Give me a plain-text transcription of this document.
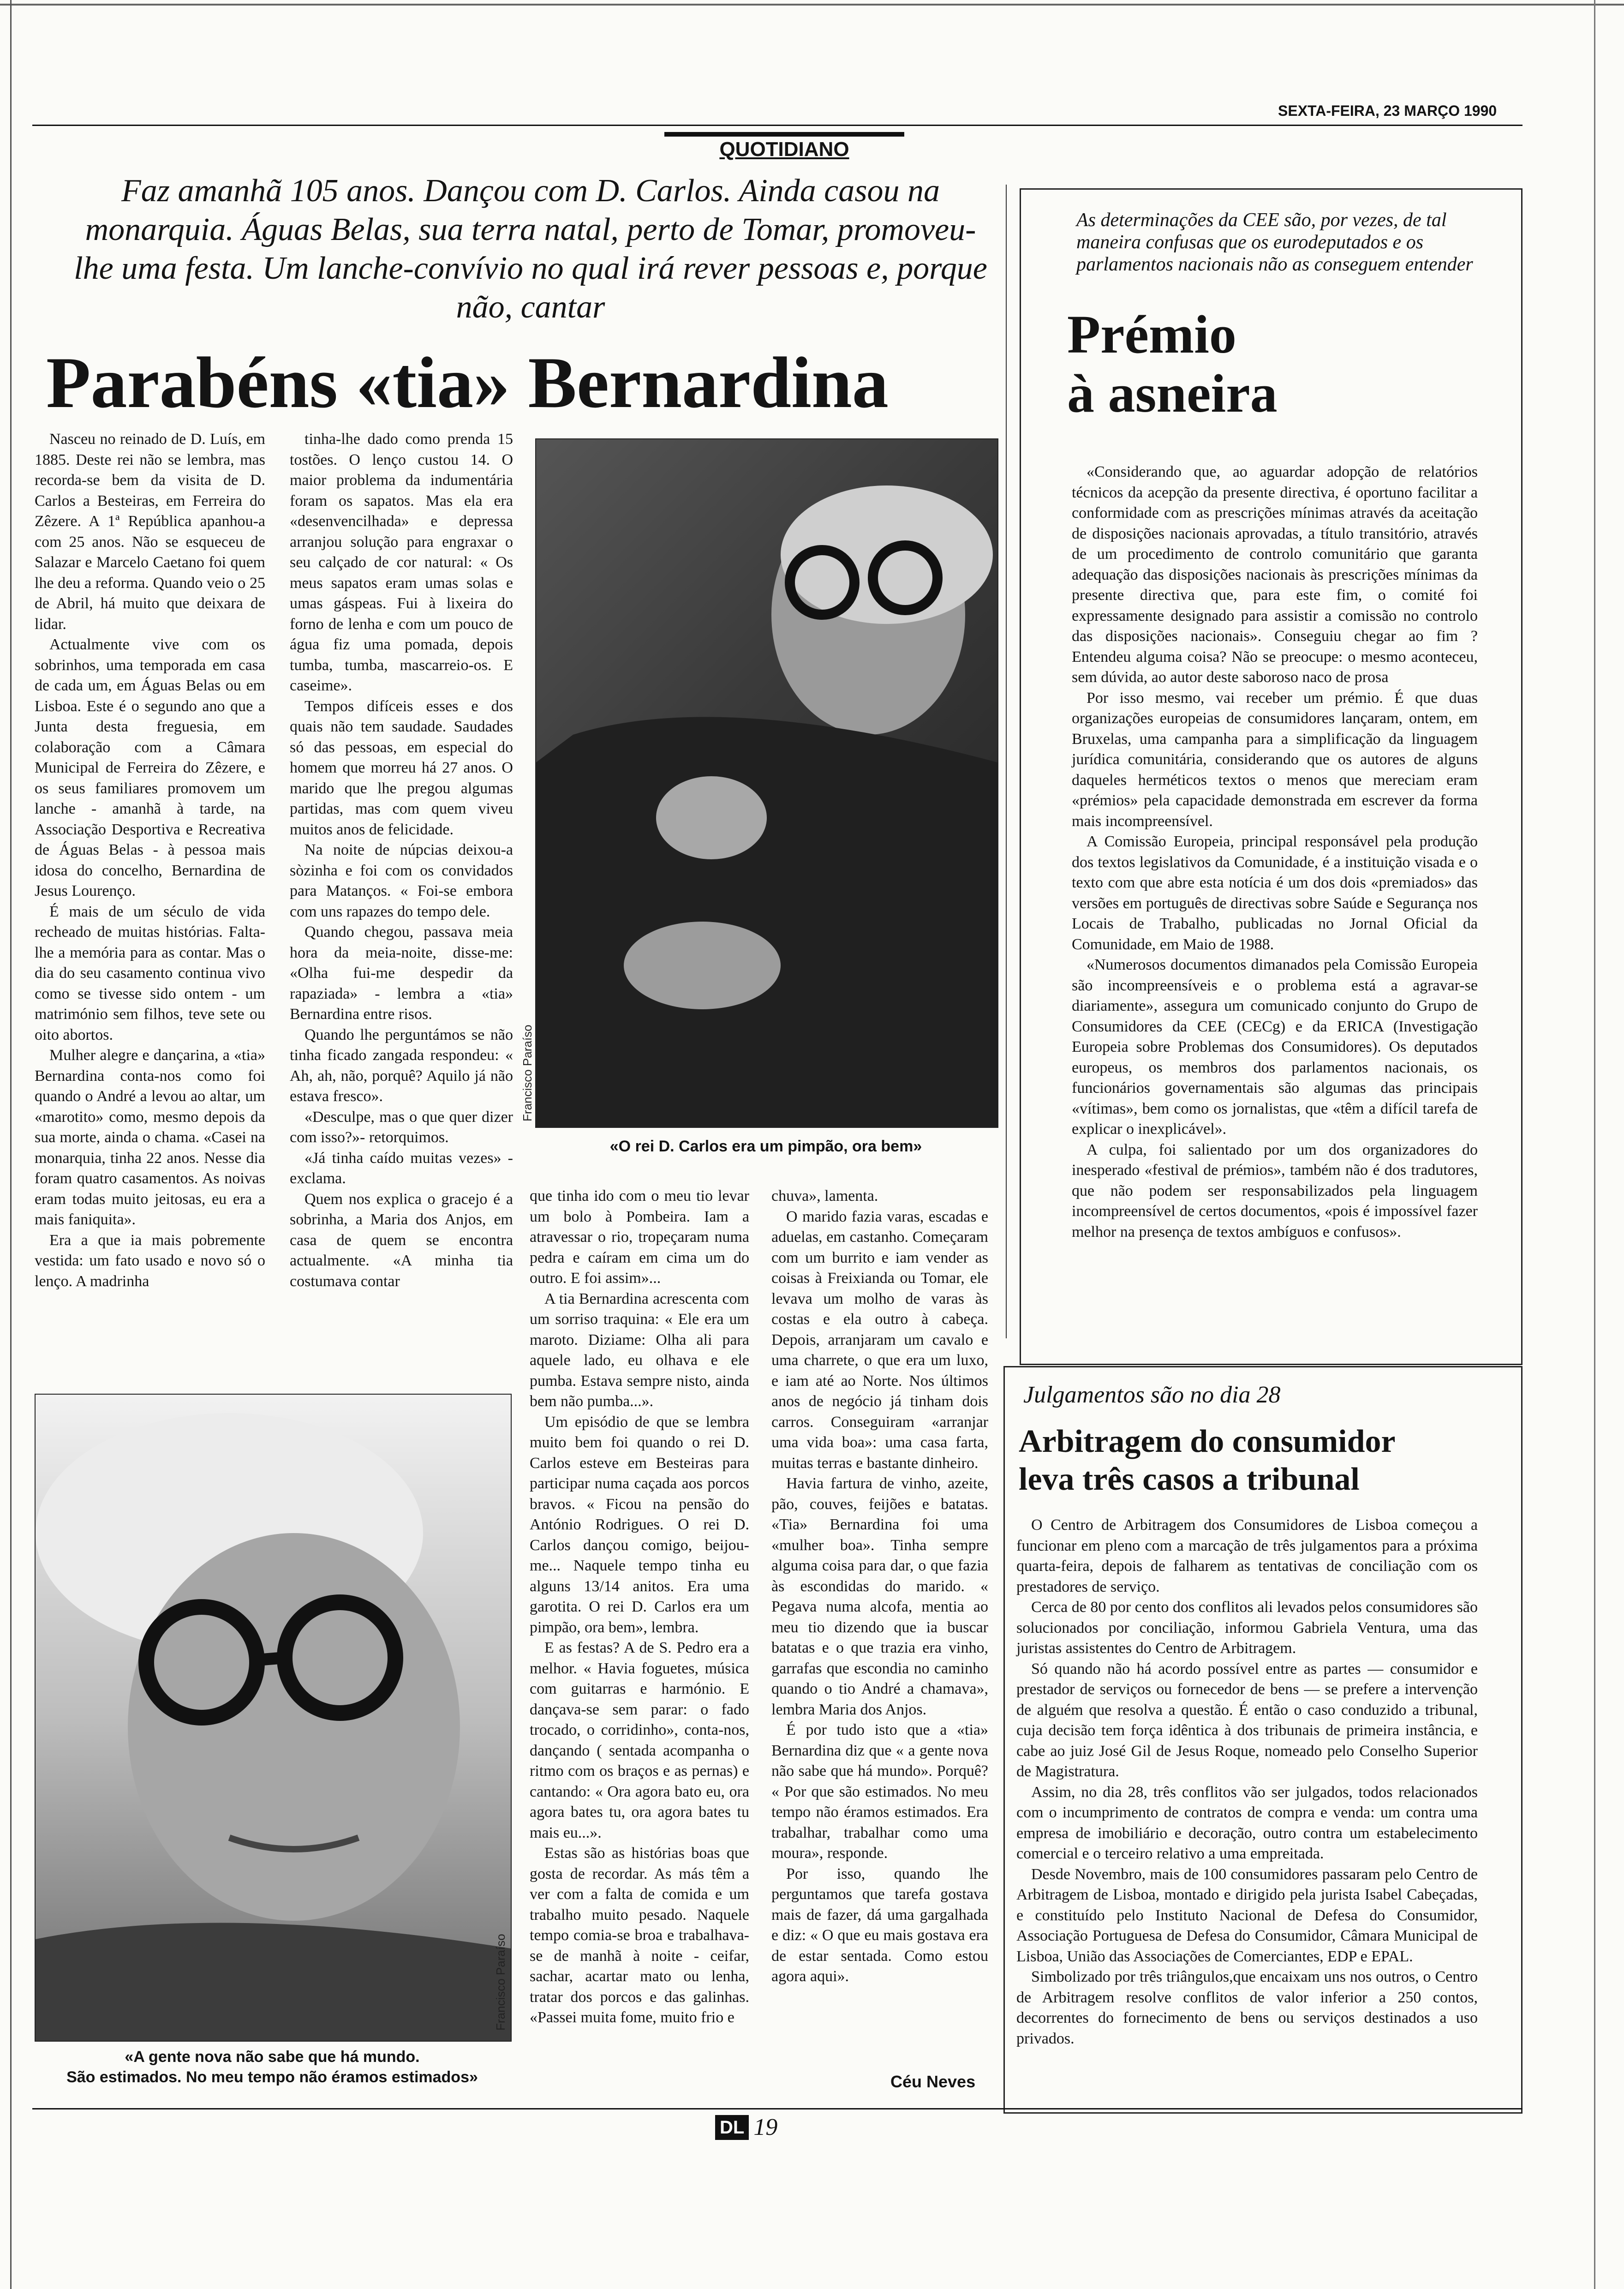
SEXTA-FEIRA, 23 MARÇO 1990
QUOTIDIANO
Faz amanhã 105 anos. Dançou com D. Carlos. Ainda casou na monarquia. Águas Belas, sua terra natal, perto de Tomar, promoveu-lhe uma festa. Um lanche-convívio no qual irá rever pessoas e, porque não, cantar
Parabéns «tia» Bernardina

Nasceu no reinado de D. Luís, em 1885. Deste rei não se lembra, mas recorda-se bem da visita de D. Carlos a Besteiras, em Ferreira do Zêzere. A 1ª República apanhou-a com 25 anos. Não se esqueceu de Salazar e Marcelo Caetano foi quem lhe deu a reforma. Quando veio o 25 de Abril, há muito que deixara de lidar.

Actualmente vive com os sobrinhos, uma temporada em casa de cada um, em Águas Belas ou em Lisboa. Este é o segundo ano que a Junta desta freguesia, em colaboração com a Câmara Municipal de Ferreira do Zêzere, e os seus familiares promovem um lanche - amanhã à tarde, na Associação Desportiva e Recreativa de Águas Belas - à pessoa mais idosa do concelho, Bernardina de Jesus Lourenço.

É mais de um século de vida recheado de muitas histórias. Falta-lhe a memória para as contar. Mas o dia do seu casamento continua vivo como se tivesse sido ontem - um matrimónio sem filhos, teve sete ou oito abortos.

Mulher alegre e dançarina, a «tia» Bernardina conta-nos como foi quando o André a levou ao altar, um «marotito» como, mesmo depois da sua morte, ainda o chama. «Casei na monarquia, tinha 22 anos. Nesse dia foram quatro casamentos. As noivas eram todas muito jeitosas, eu era a mais faniquita».

Era a que ia mais pobremente vestida: um fato usado e novo só o lenço. A madrinha

tinha-lhe dado como prenda 15 tostões. O lenço custou 14. O maior problema da indumentária foram os sapatos. Mas ela era «desenvencilhada» e depressa arranjou solução para engraxar o seu calçado de cor natural: « Os meus sapatos eram umas solas e umas gáspeas. Fui à lixeira do forno de lenha e com um pouco de água fiz uma pomada, depois tumba, tumba, mascarreio-os. E caseime».

Tempos difíceis esses e dos quais não tem saudade. Saudades só das pessoas, em especial do homem que morreu há 27 anos. O marido que lhe pregou algumas partidas, mas com quem viveu muitos anos de felicidade.

Na noite de núpcias deixou-a sòzinha e foi com os convidados para Matanços. « Foi-se embora com uns rapazes do tempo dele.

Quando chegou, passava meia hora da meia-noite, disse-me: «Olha fui-me despedir da rapaziada» - lembra a «tia» Bernardina entre risos.

Quando lhe perguntámos se não tinha ficado zangada respondeu: « Ah, ah, não, porquê? Aquilo já não estava fresco».

«Desculpe, mas o que quer dizer com isso?»- retorquimos.

«Já tinha caído muitas vezes» - exclama.

Quem nos explica o gracejo é a sobrinha, a Maria dos Anjos, em casa de quem se encontra actualmente. «A minha tia costumava contar

Francisco Paraíso
«O rei D. Carlos era um pimpão, ora bem»

que tinha ido com o meu tio levar um bolo à Pombeira. Iam a atravessar o rio, tropeçaram numa pedra e caíram em cima um do outro. E foi assim»...

A tia Bernardina acrescenta com um sorriso traquina: « Ele era um maroto. Diziame: Olha ali para aquele lado, eu olhava e ele pumba. Estava sempre nisto, ainda bem não pumba...».

Um episódio de que se lembra muito bem foi quando o rei D. Carlos esteve em Besteiras para participar numa caçada aos porcos bravos. « Ficou na pensão do António Rodrigues. O rei D. Carlos dançou comigo, beijou-me... Naquele tempo tinha eu alguns 13/14 anitos. Era uma garotita. O rei D. Carlos era um pimpão, ora bem», lembra.

E as festas? A de S. Pedro era a melhor. « Havia foguetes, música com guitarras e harmónio. E dançava-se sem parar: o fado trocado, o corridinho», conta-nos, dançando ( sentada acompanha o ritmo com os braços e as pernas) e cantando: « Ora agora bato eu, ora agora bates tu, ora agora bates tu mais eu...».

Estas são as histórias boas que gosta de recordar. As más têm a ver com a falta de comida e um trabalho muito pesado. Naquele tempo comia-se broa e trabalhava-se de manhã à noite - ceifar, sachar, acartar mato ou lenha, tratar dos porcos e das galinhas. «Passei muita fome, muito frio e

chuva», lamenta.

O marido fazia varas, escadas e aduelas, em castanho. Começaram com um burrito e iam vender as coisas à Freixianda ou Tomar, ele levava um molho de varas às costas e ela outro à cabeça. Depois, arranjaram um cavalo e uma charrete, o que era um luxo, e iam até ao Norte. Nos últimos anos de negócio já tinham dois carros. Conseguiram «arranjar uma vida boa»: uma casa farta, muitas terras e bastante dinheiro.

Havia fartura de vinho, azeite, pão, couves, feijões e batatas. «Tia» Bernardina foi uma «mulher boa». Tinha sempre alguma coisa para dar, o que fazia às escondidas do marido. « Pegava numa alcofa, mentia ao meu tio dizendo que ia buscar batatas e o que trazia era vinho, garrafas que escondia no caminho quando o tio André a chamava», lembra Maria dos Anjos.

É por tudo isto que a «tia» Bernardina diz que « a gente nova não sabe que há mundo». Porquê? « Por que são estimados. No meu tempo não éramos estimados. Era trabalhar, trabalhar como uma moura», responde.

Por isso, quando lhe perguntamos que tarefa gostava mais de fazer, dá uma gargalhada e diz: « O que eu mais gostava era de estar sentada. Como estou agora aqui».

Céu Neves
Francisco Paraíso
«A gente nova não sabe que há mundo.
São estimados. No meu tempo não éramos estimados»
As determinações da CEE são, por vezes, de tal maneira confusas que os eurodeputados e os parlamentos nacionais não as conseguem entender
Prémio
à asneira

«Considerando que, ao aguardar adopção de relatórios técnicos da acepção da presente directiva, é oportuno facilitar a conformidade com as prescrições mínimas através da aceitação de disposições nacionais aprovadas, a título transitório, através de um procedimento de controlo comunitário que garanta adequação das disposições nacionais às prescrições mínimas da presente directiva que, para este fim, o comité foi expressamente designado para assistir a comissão no controlo das disposições nacionais». Conseguiu chegar ao fim ? Entendeu alguma coisa? Não se preocupe: o mesmo aconteceu, sem dúvida, ao autor deste saboroso naco de prosa

Por isso mesmo, vai receber um prémio. É que duas organizações europeias de consumidores lançaram, ontem, em Bruxelas, uma campanha para a simplificação da linguagem jurídica comunitária, considerando que os autores de alguns daqueles herméticos textos o menos que mereciam eram «prémios» pela capacidade demonstrada em escrever da forma mais incompreensível.

A Comissão Europeia, principal responsável pela produção dos textos legislativos da Comunidade, é a instituição visada e o texto com que abre esta notícia é um dos dois «premiados» das versões em português de directivas sobre Saúde e Segurança nos Locais de Trabalho, publicadas no Jornal Oficial da Comunidade, em Maio de 1988.

«Numerosos documentos dimanados pela Comissão Europeia são incompreensíveis e o problema está a agravar-se diariamente», assegura um comunicado conjunto do Grupo de Consumidores da CEE (CECg) e da ERICA (Investigação Europeia sobre Problemas dos Consumidores). Os deputados europeus, os membros dos parlamentos nacionais, os funcionários governamentais são algumas das principais «vítimas», bem como os jornalistas, que «têm a difícil tarefa de explicar o inexplicável».

A culpa, foi salientado por um dos organizadores do inesperado «festival de prémios», também não é dos tradutores, que não podem ser responsabilizados pela linguagem incompreensível de certos documentos, «pois é impossível fazer melhor na presença de textos ambíguos e confusos».

Julgamentos são no dia 28
Arbitragem do consumidor
leva três casos a tribunal

O Centro de Arbitragem dos Consumidores de Lisboa começou a funcionar em pleno com a marcação de três julgamentos para a próxima quarta-feira, depois de falharem as tentativas de conciliação com os prestadores de serviço.

Cerca de 80 por cento dos conflitos ali levados pelos consumidores são solucionados por conciliação, informou Gabriela Ventura, uma das juristas assistentes do Centro de Arbitragem.

Só quando não há acordo possível entre as partes — consumidor e prestador de serviços ou fornecedor de bens — se prefere a intervenção de alguém que resolva a questão. É então o caso conduzido a tribunal, cuja decisão tem força idêntica à dos tribunais de primeira instância, e cabe ao juiz José Gil de Jesus Roque, nomeado pelo Conselho Superior de Magistratura.

Assim, no dia 28, três conflitos vão ser julgados, todos relacionados com o incumprimento de contratos de compra e venda: um contra uma empresa de imobiliário e decoração, outro contra um estabelecimento comercial e o terceiro relativo a uma empreitada.

Desde Novembro, mais de 100 consumidores passaram pelo Centro de Arbitragem de Lisboa, montado e dirigido pela jurista Isabel Cabeçadas, e constituído pelo Instituto Nacional de Defesa do Consumidor, Associação Portuguesa de Defesa do Consumidor, Câmara Municipal de Lisboa, União das Associações de Comerciantes, EDP e EPAL.

Simbolizado por três triângulos,que encaixam uns nos outros, o Centro de Arbitragem resolve conflitos de valor inferior a 250 contos, decorrentes do fornecimento de bens ou serviços destinados a uso privados.

DL 19
